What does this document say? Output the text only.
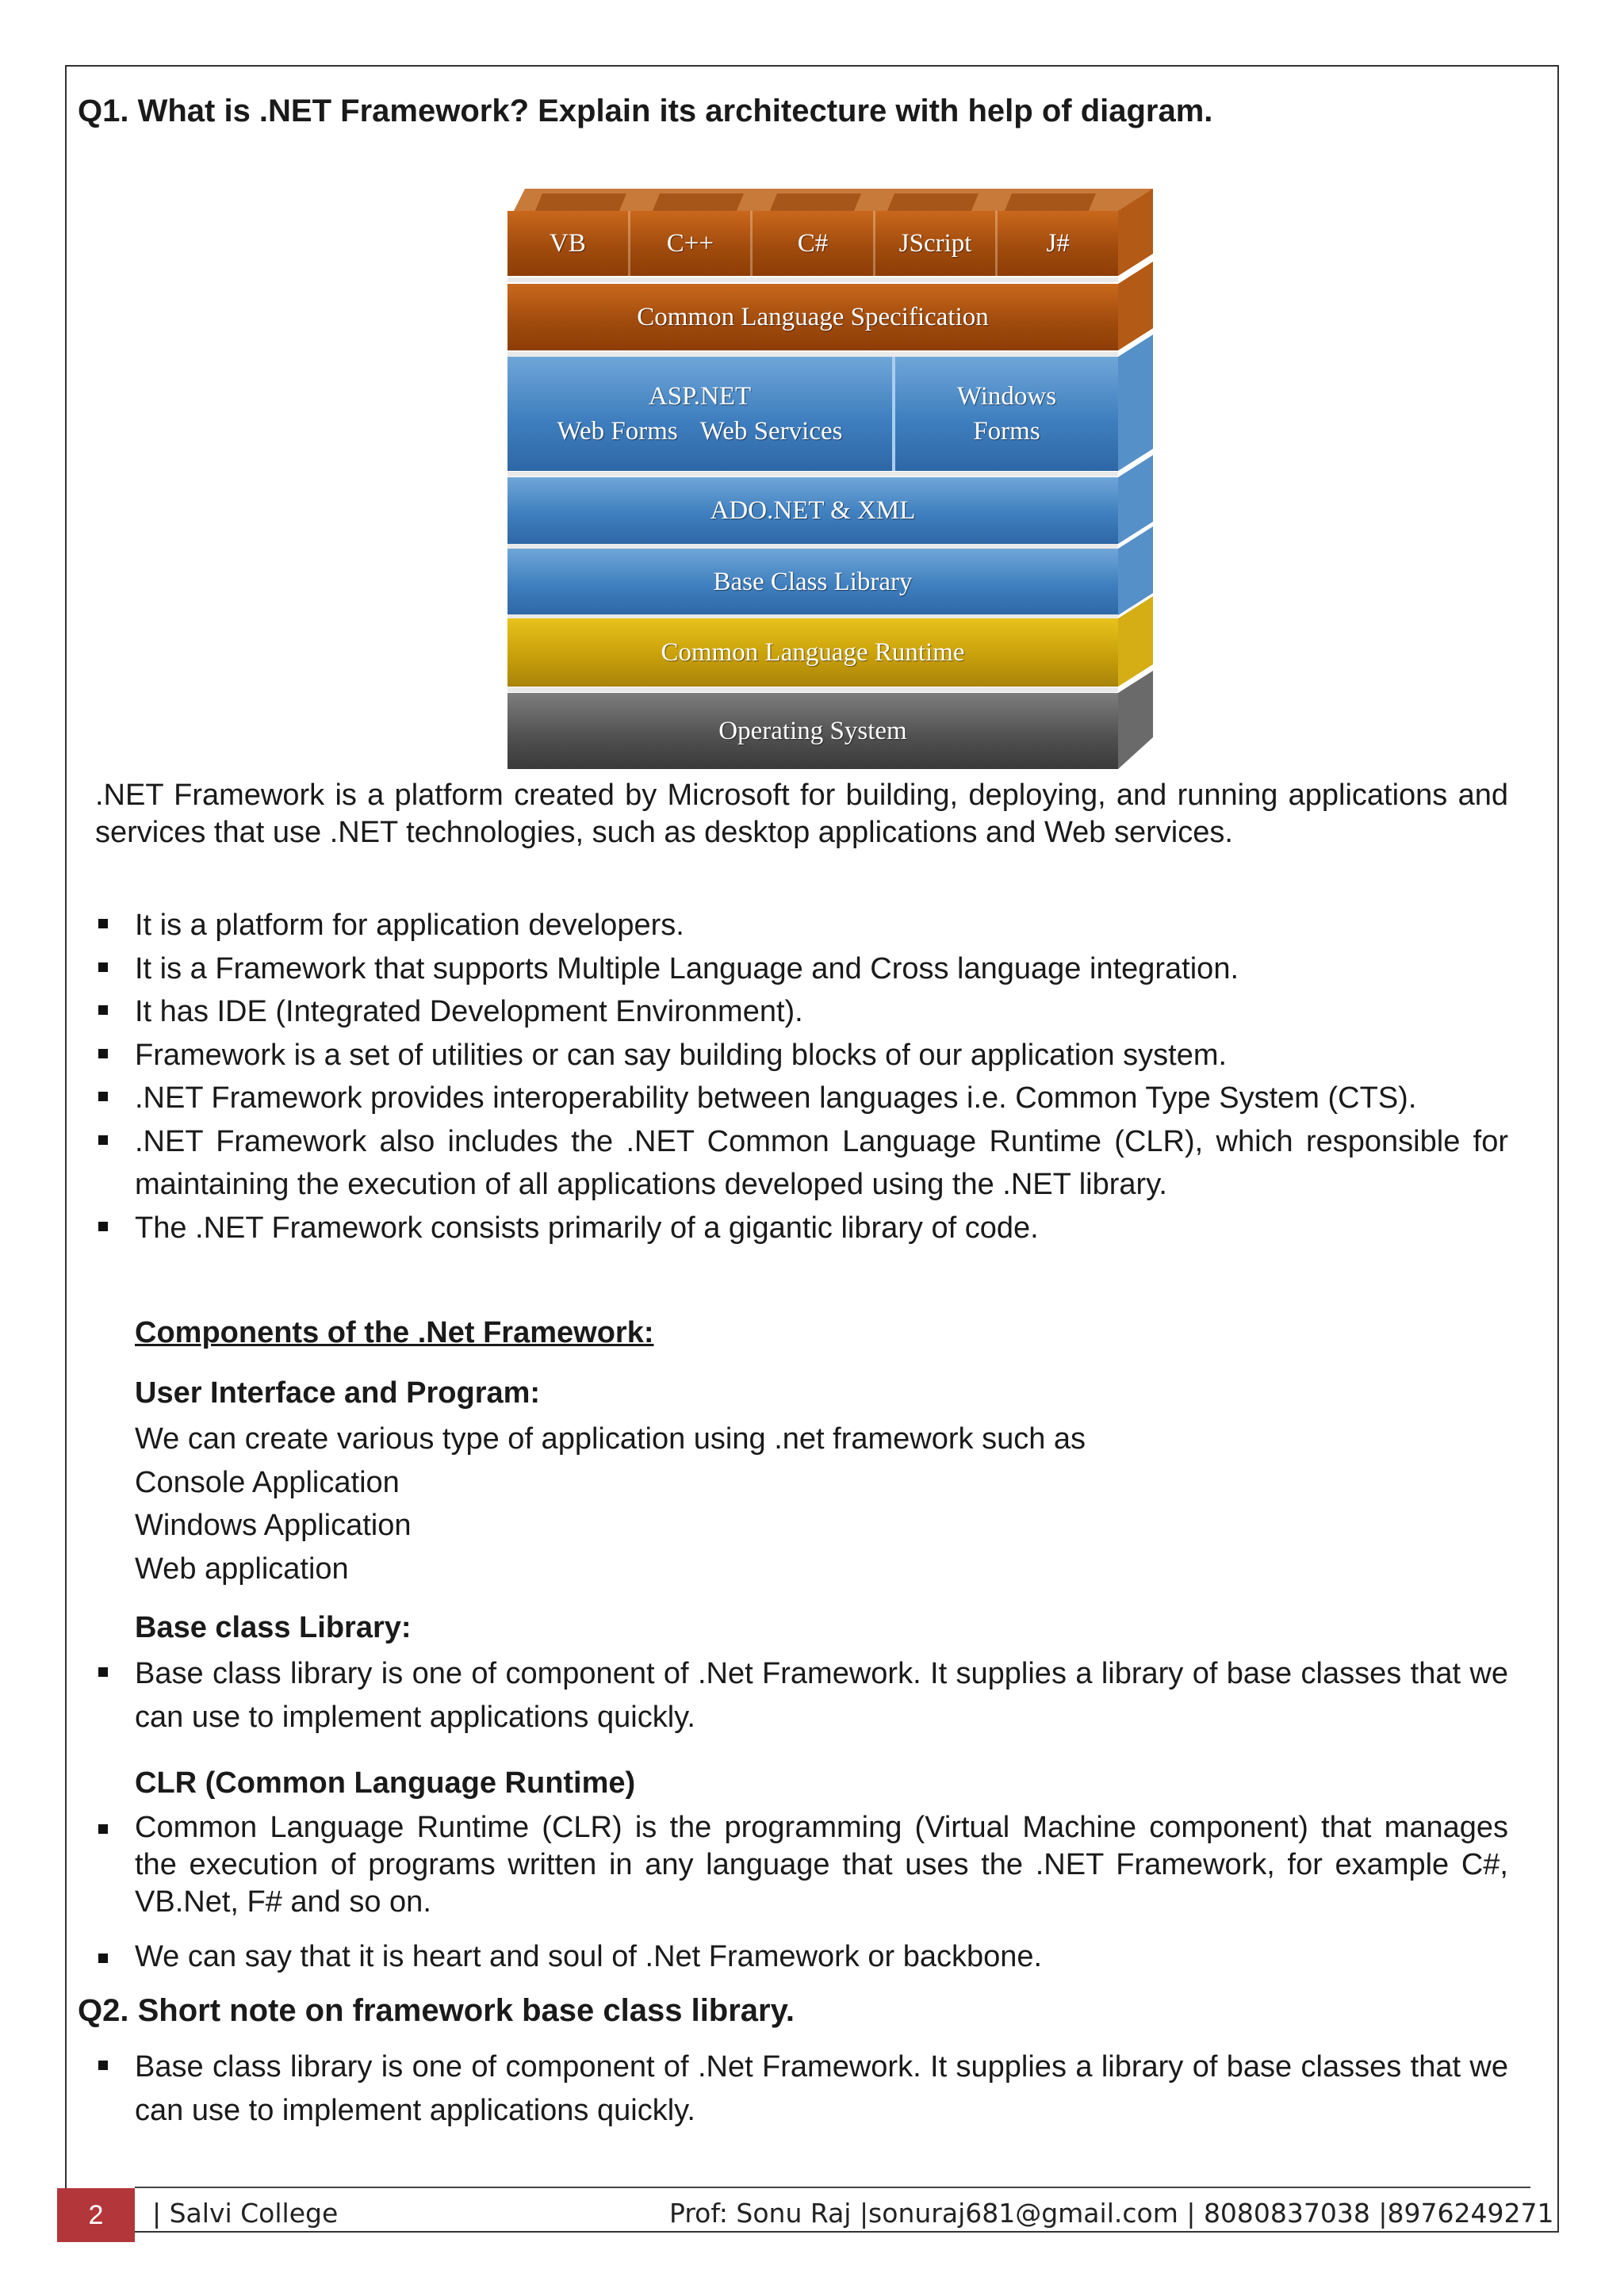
Q1. What is .NET Framework? Explain its architecture with help of diagram.
VB	C++	C#	JScript	J#
Common Language Specification
ASP.NET
Web Forms Web Services
Windows
Forms
ADO.NET & XML
Base Class Library
Common Language Runtime
Operating System

.NET Framework is a platform created by Microsoft for building, deploying, and running applications and services that use .NET technologies, such as desktop applications and Web services.

It is a platform for application developers.
It is a Framework that supports Multiple Language and Cross language integration.
It has IDE (Integrated Development Environment).
Framework is a set of utilities or can say building blocks of our application system.
.NET Framework provides interoperability between languages i.e. Common Type System (CTS).
.NET Framework also includes the .NET Common Language Runtime (CLR), which responsible for maintaining the execution of all applications developed using the .NET library.
The .NET Framework consists primarily of a gigantic library of code.
Components of the .Net Framework:
User Interface and Program:
We can create various type of application using .net framework such as
Console Application
Windows Application
Web application
Base class Library:
Base class library is one of component of .Net Framework. It supplies a library of base classes that we can use to implement applications quickly.
CLR (Common Language Runtime)
Common Language Runtime (CLR) is the programming (Virtual Machine component) that manages the execution of programs written in any language that uses the .NET Framework, for example C#, VB.Net, F# and so on.
We can say that it is heart and soul of .Net Framework or backbone.
Q2. Short note on framework base class library.
Base class library is one of component of .Net Framework. It supplies a library of base classes that we can use to implement applications quickly.
2	| Salvi College	Prof: Sonu Raj |sonuraj681@gmail.com | 8080837038 |8976249271
